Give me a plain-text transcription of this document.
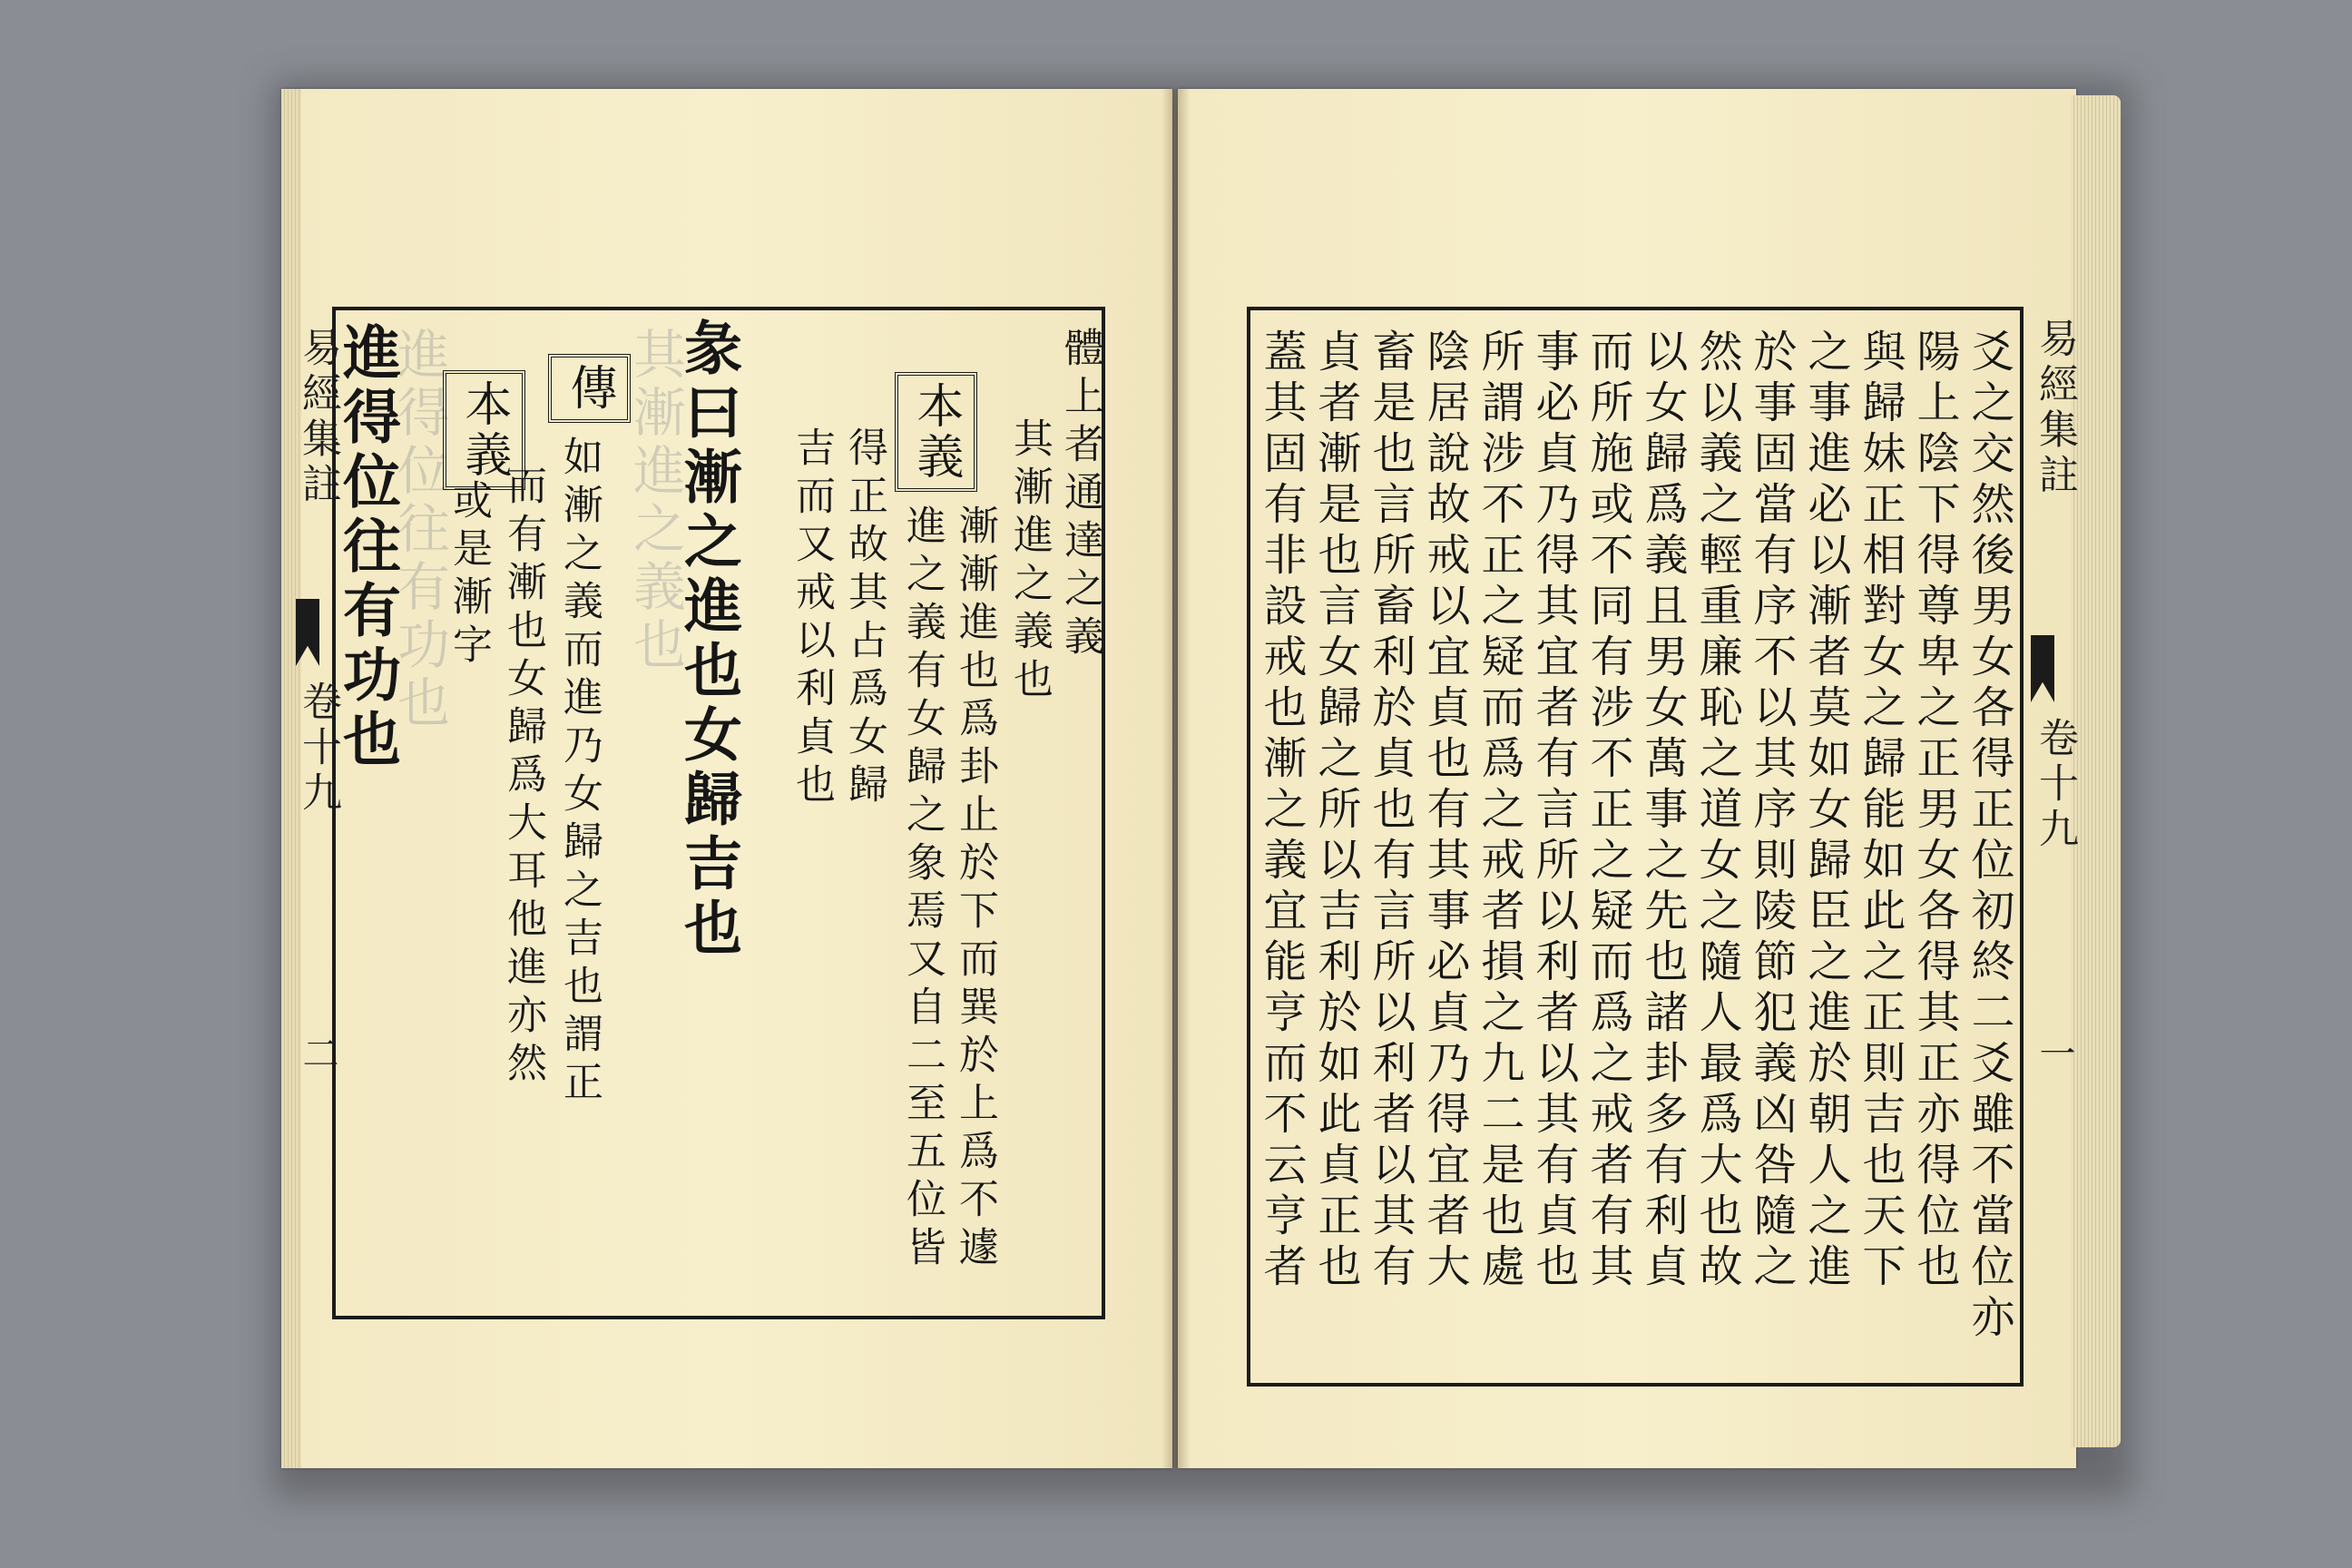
易經集註
卷十九
二
進得位往有功也	其漸進之義也
進得位往有功也 本義
或是漸字
傳
如漸之義而進乃女歸之吉也謂正
而有漸也女歸爲大耳他進亦然 彖曰漸之進也女歸吉也 得正故其占爲女歸
吉而又戒以利貞也 本義
漸漸進也爲卦止於下而巽於上爲不遽
進之義有女歸之象焉又自二至五位皆 其漸進之義也 體上者通達之義	易經集註
卷十九
一
爻之交然後男女各得正位初終二爻雖不當位亦
陽上陰下得尊卑之正男女各得其正亦得位也
與歸妹正相對女之歸能如此之正則吉也天下
之事進必以漸者莫如女歸臣之進於朝人之進
於事固當有序不以其序則陵節犯義凶咎隨之
然以義之輕重廉恥之道女之隨人最爲大也故
以女歸爲義且男女萬事之先也諸卦多有利貞
而所施或不同有涉不正之疑而爲之戒者有其
事必貞乃得其宜者有言所以利者以其有貞也
所謂涉不正之疑而爲之戒者損之九二是也處
陰居說故戒以宜貞也有其事必貞乃得宜者大
畜是也言所畜利於貞也有言所以利者以其有
貞者漸是也言女歸之所以吉利於如此貞正也
蓋其固有非設戒也漸之義宜能亨而不云亨者
